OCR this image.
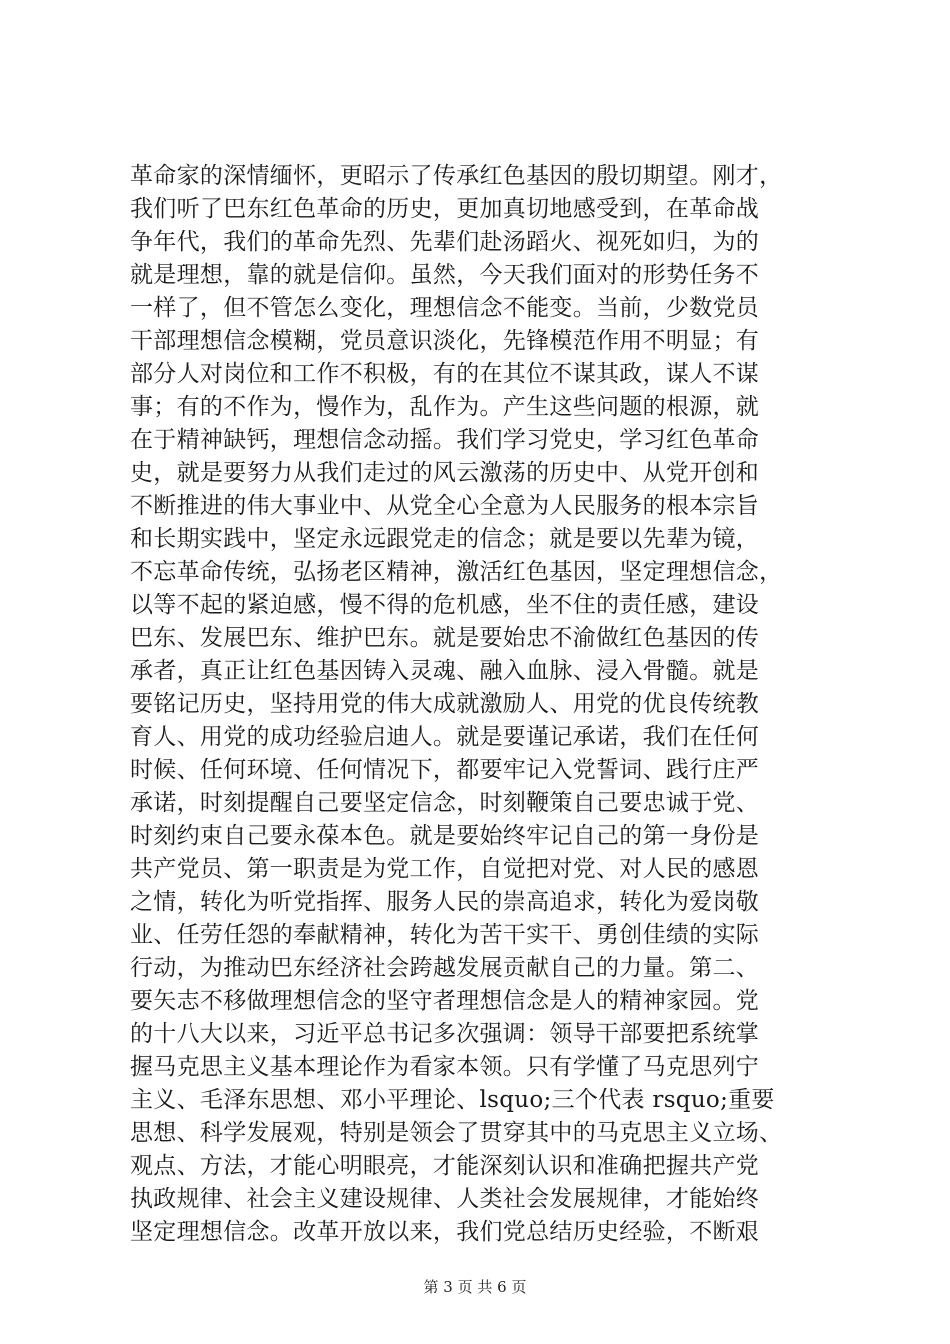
革命家的深情缅怀，更昭示了传承红色基因的殷切期望。刚才，
我们听了巴东红色革命的历史，更加真切地感受到，在革命战
争年代，我们的革命先烈、先辈们赴汤蹈火、视死如归，为的
就是理想，靠的就是信仰。虽然，今天我们面对的形势任务不
一样了，但不管怎么变化，理想信念不能变。当前，少数党员
干部理想信念模糊，党员意识淡化，先锋模范作用不明显；有
部分人对岗位和工作不积极，有的在其位不谋其政，谋人不谋
事；有的不作为，慢作为，乱作为。产生这些问题的根源，就
在于精神缺钙，理想信念动摇。我们学习党史，学习红色革命
史，就是要努力从我们走过的风云激荡的历史中、从党开创和
不断推进的伟大事业中、从党全心全意为人民服务的根本宗旨
和长期实践中，坚定永远跟党走的信念；就是要以先辈为镜，
不忘革命传统，弘扬老区精神，激活红色基因，坚定理想信念，
以等不起的紧迫感，慢不得的危机感，坐不住的责任感，建设
巴东、发展巴东、维护巴东。就是要始忠不渝做红色基因的传
承者，真正让红色基因铸入灵魂、融入血脉、浸入骨髓。就是
要铭记历史，坚持用党的伟大成就激励人、用党的优良传统教
育人、用党的成功经验启迪人。就是要谨记承诺，我们在任何
时候、任何环境、任何情况下，都要牢记入党誓词、践行庄严
承诺，时刻提醒自己要坚定信念，时刻鞭策自己要忠诚于党、
时刻约束自己要永葆本色。就是要始终牢记自己的第一身份是
共产党员、第一职责是为党工作，自觉把对党、对人民的感恩
之情，转化为听党指挥、服务人民的崇高追求，转化为爱岗敬
业、任劳任怨的奉献精神，转化为苦干实干、勇创佳绩的实际
行动，为推动巴东经济社会跨越发展贡献自己的力量。第二、
要矢志不移做理想信念的坚守者理想信念是人的精神家园。党
的十八大以来，习近平总书记多次强调：领导干部要把系统掌
握马克思主义基本理论作为看家本领。只有学懂了马克思列宁
主义、毛泽东思想、邓小平理论、lsquo;三个代表 rsquo;重要
思想、科学发展观，特别是领会了贯穿其中的马克思主义立场、
观点、方法，才能心明眼亮，才能深刻认识和准确把握共产党
执政规律、社会主义建设规律、人类社会发展规律，才能始终
坚定理想信念。改革开放以来，我们党总结历史经验，不断艰
第 3 页 共 6 页
